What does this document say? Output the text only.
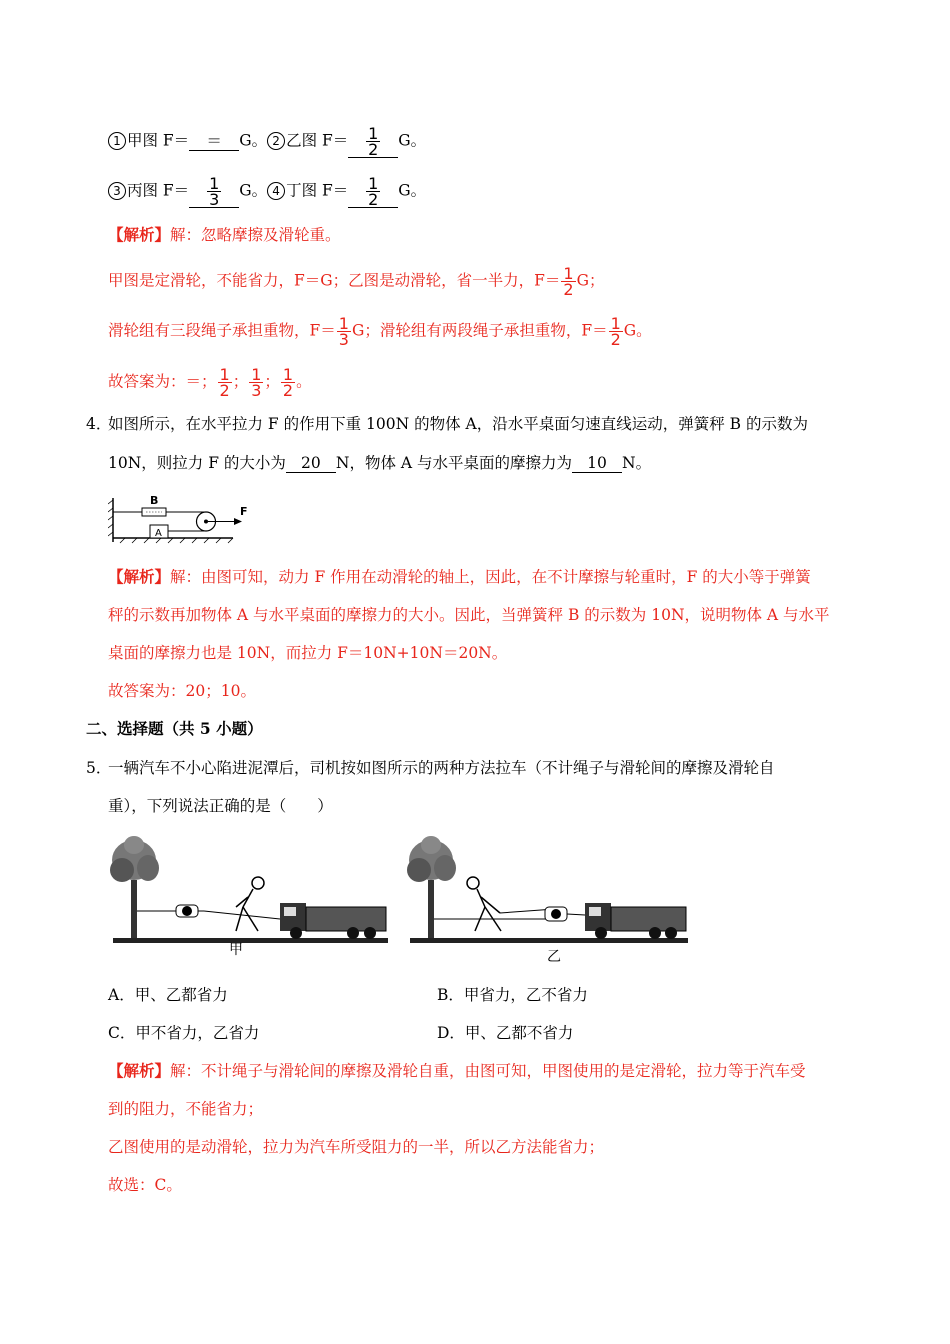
1 甲图 F＝ ＝ G。 2 乙图 $F= \frac{1}{2}$ G。
3 丙图 $F= \frac{1}{3}$ G。 4 丁图 $F= \frac{1}{2}$ G。
【解析】解：忽略摩擦及滑轮重。
甲图是定滑轮，不能省力，F＝G；乙图是动滑轮，省一半力，$F= \frac{1}{2}$ G；
滑轮组有三段绳子承担重物，$F= \frac{1}{3}$ G；滑轮组有两段绳子承担重物，$F= \frac{1}{2}$ G。
故答案为：＝； $\frac{1}{2}$ ； $\frac{1}{3}$ ； $\frac{1}{2}$ 。
4．
如图所示，在水平拉力 F 的作用下重 100N 的物体 A，沿水平桌面匀速直线运动，弹簧秤 B 的示数为
10N，则拉力 F 的大小为 20 N，物体 A 与水平桌面的摩擦力为 10 N。
B
A
F
【解析】解：由图可知，动力 F 作用在动滑轮的轴上，因此，在不计摩擦与轮重时，F 的大小等于弹簧
秤的示数再加物体 A 与水平桌面的摩擦力的大小。因此，当弹簧秤 B 的示数为 10N，说明物体 A 与水平
桌面的摩擦力也是 10N，而拉力 F＝10N+10N＝20N。
故答案为：20；10。
二、选择题（共 5 小题）
5．
一辆汽车不小心陷进泥潭后，司机按如图所示的两种方法拉车（不计绳子与滑轮间的摩擦及滑轮自
重），下列说法正确的是（　　）
甲	乙
A．甲、乙都省力	B．甲省力，乙不省力
C．甲不省力，乙省力	D．甲、乙都不省力
【解析】解：不计绳子与滑轮间的摩擦及滑轮自重，由图可知，甲图使用的是定滑轮，拉力等于汽车受
到的阻力，不能省力；
乙图使用的是动滑轮，拉力为汽车所受阻力的一半，所以乙方法能省力；
故选：C。
